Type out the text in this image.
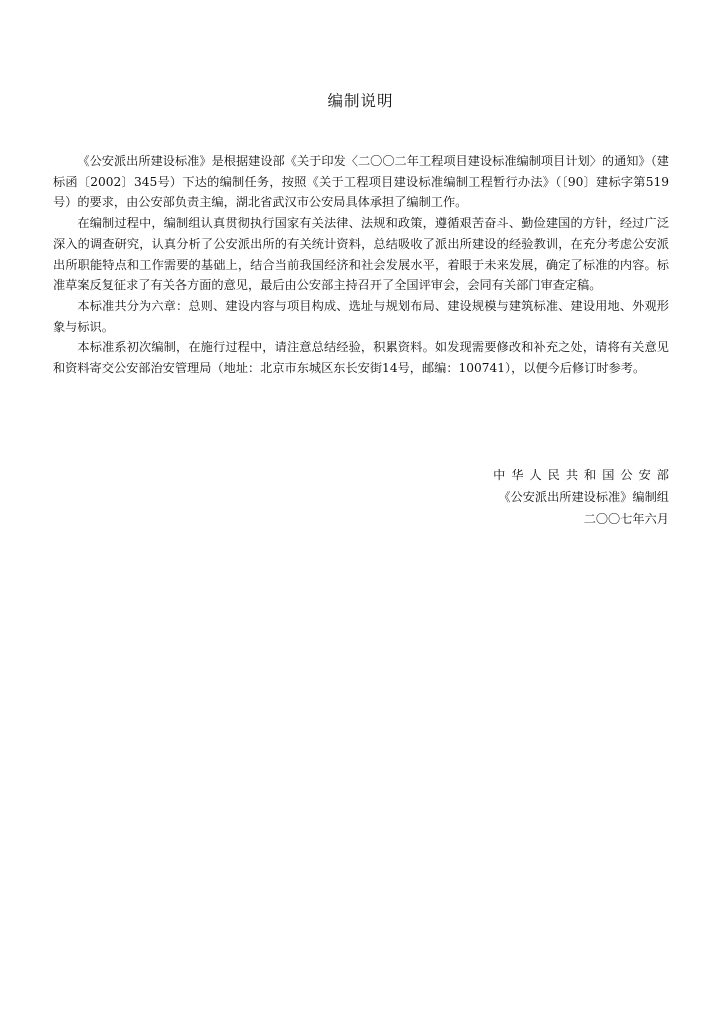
编制说明

《公安派出所建设标准》是根据建设部《关于印发〈二〇〇二年工程项目建设标准编制项目计划〉的通知》（建标函〔2002〕345号）下达的编制任务，按照《关于工程项目建设标准编制工程暂行办法》（〔90〕建标字第519号）的要求，由公安部负责主编，湖北省武汉市公安局具体承担了编制工作。

在编制过程中，编制组认真贯彻执行国家有关法律、法规和政策，遵循艰苦奋斗、勤俭建国的方针，经过广泛深入的调查研究，认真分析了公安派出所的有关统计资料，总结吸收了派出所建设的经验教训，在充分考虑公安派出所职能特点和工作需要的基础上，结合当前我国经济和社会发展水平，着眼于未来发展，确定了标准的内容。标准草案反复征求了有关各方面的意见，最后由公安部主持召开了全国评审会，会同有关部门审查定稿。

本标准共分为六章：总则、建设内容与项目构成、选址与规划布局、建设规模与建筑标准、建设用地、外观形象与标识。

本标准系初次编制，在施行过程中，请注意总结经验，积累资料。如发现需要修改和补充之处，请将有关意见和资料寄交公安部治安管理局（地址：北京市东城区东长安街14号，邮编：100741），以便今后修订时参考。

中华人民共和国公安部
《公安派出所建设标准》编制组
二〇〇七年六月
